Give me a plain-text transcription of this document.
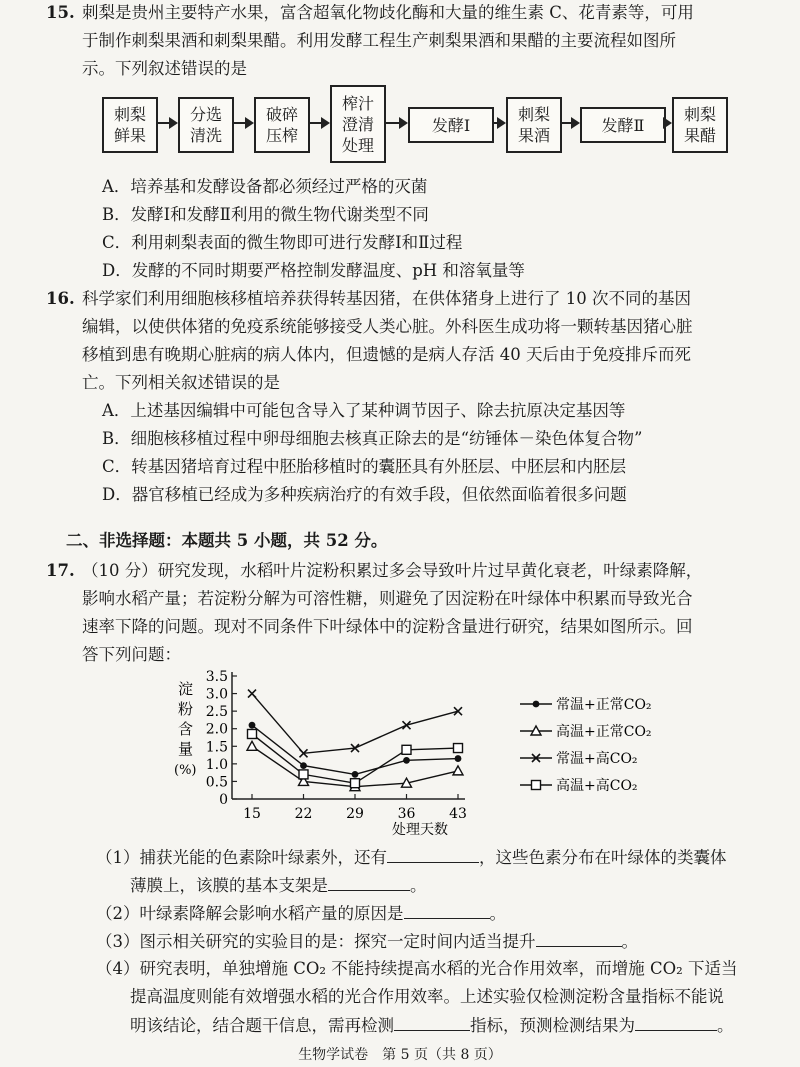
15. 刺梨是贵州主要特产水果，富含超氧化物歧化酶和大量的维生素 C、花青素等，可用
于制作刺梨果酒和刺梨果醋。利用发酵工程生产刺梨果酒和果醋的主要流程如图所
示。下列叙述错误的是
刺梨
鲜果
分选
清洗
破碎
压榨
榨汁
澄清
处理
发酵Ⅰ
刺梨
果酒
发酵Ⅱ
刺梨
果醋
A．培养基和发酵设备都必须经过严格的灭菌
B．发酵Ⅰ和发酵Ⅱ利用的微生物代谢类型不同
C．利用刺梨表面的微生物即可进行发酵Ⅰ和Ⅱ过程
D．发酵的不同时期要严格控制发酵温度、pH 和溶氧量等
16. 科学家们利用细胞核移植培养获得转基因猪，在供体猪身上进行了 10 次不同的基因
编辑，以使供体猪的免疫系统能够接受人类心脏。外科医生成功将一颗转基因猪心脏
移植到患有晚期心脏病的病人体内，但遗憾的是病人存活 40 天后由于免疫排斥而死
亡。下列相关叙述错误的是
A．上述基因编辑中可能包含导入了某种调节因子、除去抗原决定基因等
B．细胞核移植过程中卵母细胞去核真正除去的是“纺锤体－染色体复合物”
C．转基因猪培育过程中胚胎移植时的囊胚具有外胚层、中胚层和内胚层
D．器官移植已经成为多种疾病治疗的有效手段，但依然面临着很多问题
二、非选择题：本题共 5 小题，共 52 分。
17. （10 分）研究发现，水稻叶片淀粉积累过多会导致叶片过早黄化衰老，叶绿素降解，
影响水稻产量；若淀粉分解为可溶性糖，则避免了因淀粉在叶绿体中积累而导致光合
速率下降的问题。现对不同条件下叶绿体中的淀粉含量进行研究，结果如图所示。回
答下列问题：
淀
粉
含
量
(%)
处理天数
0
0.5
1.0
1.5
2.0
2.5
3.0
3.5
15 22 29 36 43
常温+正常CO₂
高温+正常CO₂
常温+高CO₂
高温+高CO₂
（1）捕获光能的色素除叶绿素外，还有	，这些色素分布在叶绿体的类囊体
薄膜上，该膜的基本支架是	。
（2）叶绿素降解会影响水稻产量的原因是	。
（3）图示相关研究的实验目的是：探究一定时间内适当提升	。
（4）研究表明，单独增施 CO₂ 不能持续提高水稻的光合作用效率，而增施 CO₂ 下适当
提高温度则能有效增强水稻的光合作用效率。上述实验仅检测淀粉含量指标不能说
明该结论，结合题干信息，需再检测	指标，预测检测结果为	。
生物学试卷　第 5 页（共 8 页）
